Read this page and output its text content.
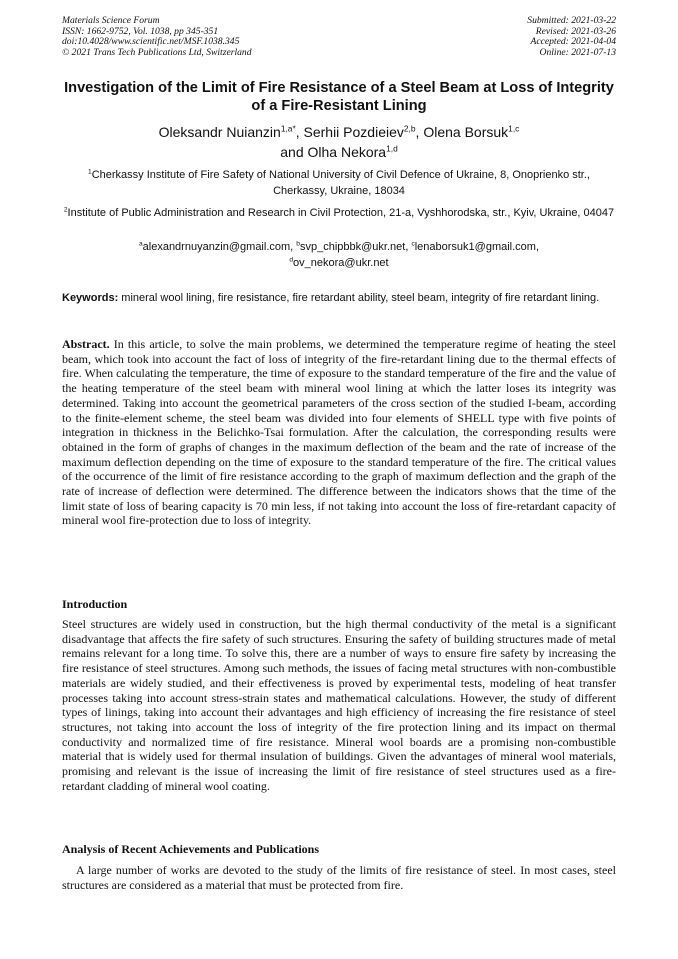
Materials Science Forum
ISSN: 1662-9752, Vol. 1038, pp 345-351
doi:10.4028/www.scientific.net/MSF.1038.345
© 2021 Trans Tech Publications Ltd, Switzerland
Submitted: 2021-03-22
Revised: 2021-03-26
Accepted: 2021-04-04
Online: 2021-07-13
Investigation of the Limit of Fire Resistance of a Steel Beam at Loss of Integrity of a Fire-Resistant Lining
Oleksandr Nuianzin$^{1,a*}$, Serhii Pozdieiev$^{2,b}$, Olena Borsuk$^{1,c}$
and Olha Nekora$^{1,d}$
$^1$Cherkassy Institute of Fire Safety of National University of Civil Defence of Ukraine, 8, Onoprienko str., Cherkassy, Ukraine, 18034
$^2$Institute of Public Administration and Research in Civil Protection, 21-a, Vyshhorodska, str., Kyiv, Ukraine, 04047
$^a$alexandrnuyanzin@gmail.com, $^b$svp_chipbbk@ukr.net, $^c$lenaborsuk1@gmail.com,
$^d$ov_nekora@ukr.net
Keywords: mineral wool lining, fire resistance, fire retardant ability, steel beam, integrity of fire retardant lining.
Abstract. In this article, to solve the main problems, we determined the temperature regime of heating the steel beam, which took into account the fact of loss of integrity of the fire-retardant lining due to the thermal effects of fire. When calculating the temperature, the time of exposure to the standard temperature of the fire and the value of the heating temperature of the steel beam with mineral wool lining at which the latter loses its integrity was determined. Taking into account the geometrical parameters of the cross section of the studied I-beam, according to the finite-element scheme, the steel beam was divided into four elements of SHELL type with five points of integration in thickness in the Belichko-Tsai formulation. After the calculation, the corresponding results were obtained in the form of graphs of changes in the maximum deflection of the beam and the rate of increase of the maximum deflection depending on the time of exposure to the standard temperature of the fire. The critical values of the occurrence of the limit of fire resistance according to the graph of maximum deflection and the graph of the rate of increase of deflection were determined. The difference between the indicators shows that the time of the limit state of loss of bearing capacity is 70 min less, if not taking into account the loss of fire-retardant capacity of mineral wool fire-protection due to loss of integrity.
Introduction
Steel structures are widely used in construction, but the high thermal conductivity of the metal is a significant disadvantage that affects the fire safety of such structures. Ensuring the safety of building structures made of metal remains relevant for a long time. To solve this, there are a number of ways to ensure fire safety by increasing the fire resistance of steel structures. Among such methods, the issues of facing metal structures with non-combustible materials are widely studied, and their effectiveness is proved by experimental tests, modeling of heat transfer processes taking into account stress-strain states and mathematical calculations. However, the study of different types of linings, taking into account their advantages and high efficiency of increasing the fire resistance of steel structures, not taking into account the loss of integrity of the fire protection lining and its impact on thermal conductivity and normalized time of fire resistance. Mineral wool boards are a promising non-combustible material that is widely used for thermal insulation of buildings. Given the advantages of mineral wool materials, promising and relevant is the issue of increasing the limit of fire resistance of steel structures used as a fire-retardant cladding of mineral wool coating.
Analysis of Recent Achievements and Publications
A large number of works are devoted to the study of the limits of fire resistance of steel. In most cases, steel structures are considered as a material that must be protected from fire.
